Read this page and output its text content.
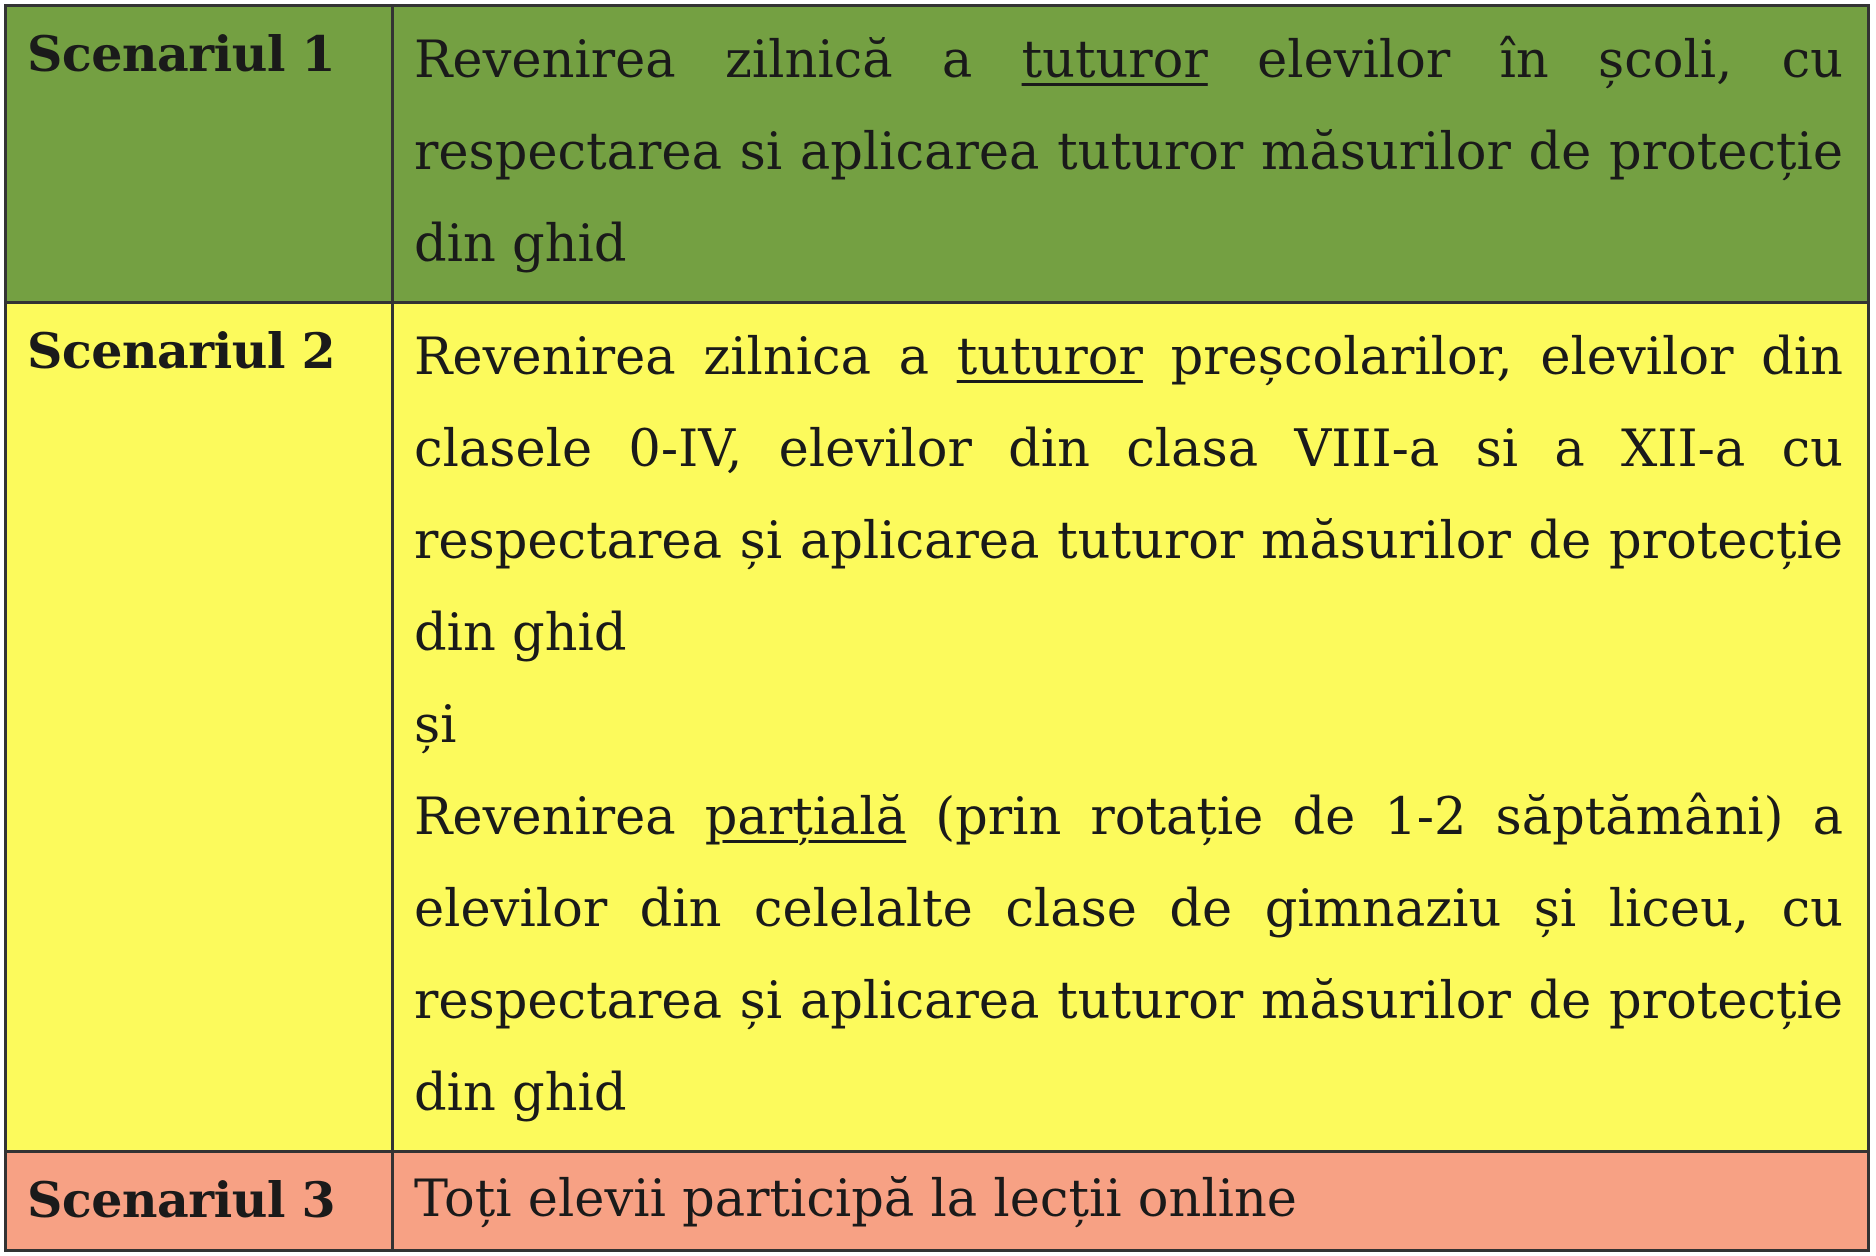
Scenariul 1	Revenirea zilnică a tuturor elevilor în școli, cu respectarea si aplicarea tuturor măsurilor de protecție din ghid
Scenariul 2	Revenirea zilnica a tuturor preșcolarilor, elevilor din clasele 0-IV, elevilor din clasa VIII-a si a XII-a cu respectarea și aplicarea tuturor măsurilor de protecție din ghid
și
Revenirea parțială (prin rotație de 1-2 săptămâni) a elevilor din celelalte clase de gimnaziu și liceu, cu respectarea și aplicarea tuturor măsurilor de protecție din ghid

Scenariul 3	Toți elevii participă la lecții online
